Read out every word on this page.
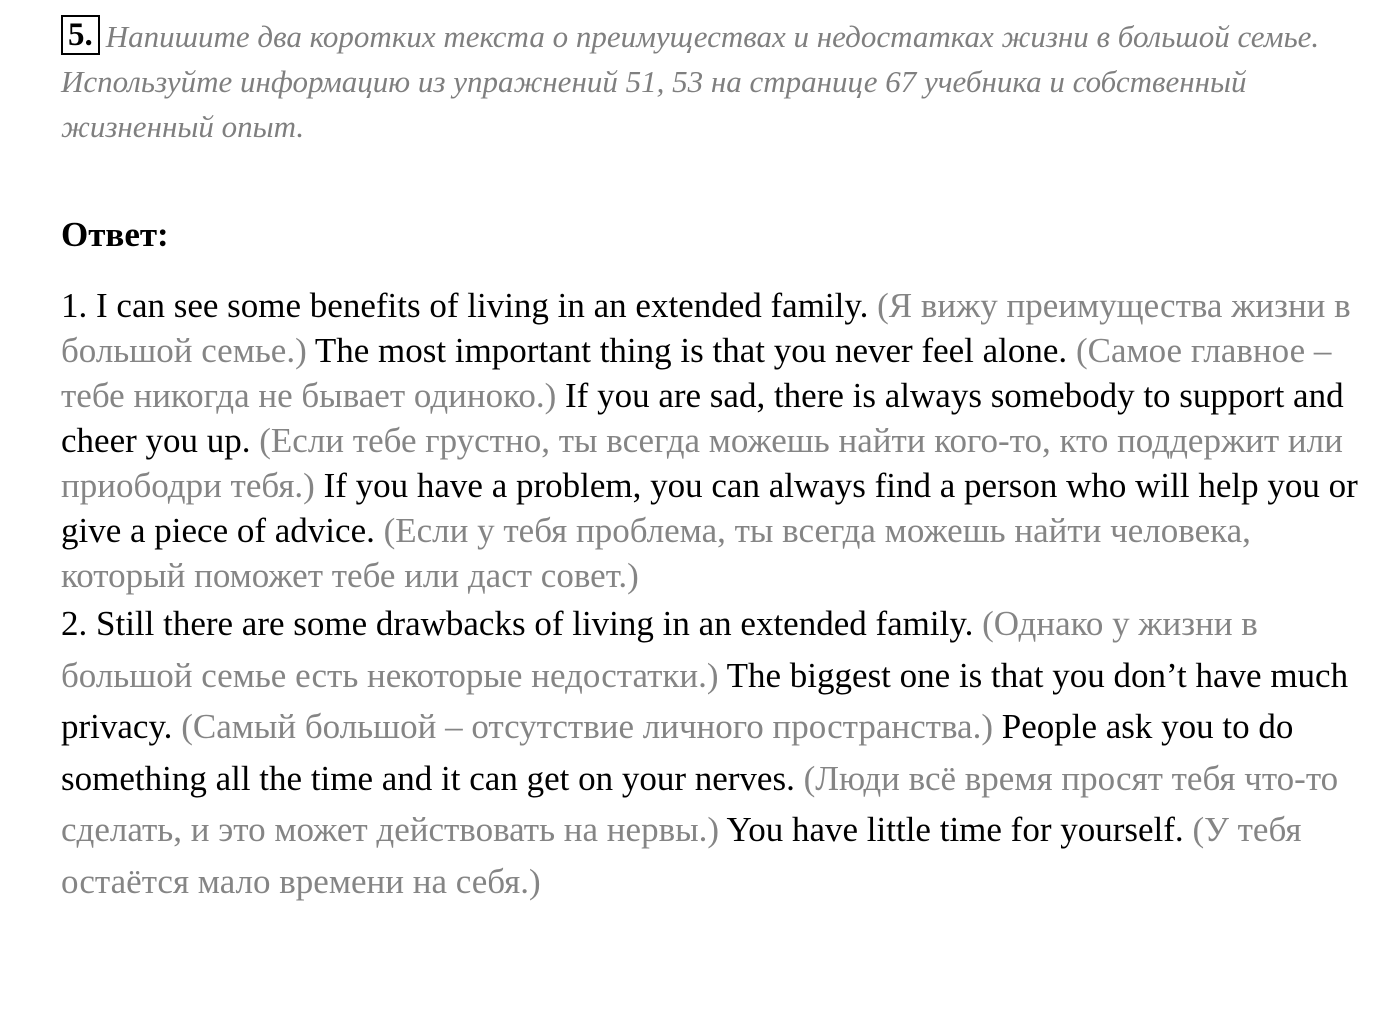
5. Напишите два коротких текста о преимуществах и недостатках жизни в большой семье. Используйте информацию из упражнений 51, 53 на странице 67 учебника и собственный жизненный опыт.
Ответ:
1. I can see some benefits of living in an extended family. (Я вижу преимущества жизни в большой семье.) The most important thing is that you never feel alone. (Самое главное – тебе никогда не бывает одиноко.) If you are sad, there is always somebody to support and cheer you up. (Если тебе грустно, ты всегда можешь найти кого-то, кто поддержит или приободри тебя.) If you have a problem, you can always find a person who will help you or give a piece of advice. (Если у тебя проблема, ты всегда можешь найти человека, который поможет тебе или даст совет.)
2. Still there are some drawbacks of living in an extended family. (Однако у жизни в большой семье есть некоторые недостатки.) The biggest one is that you don’t have much privacy. (Самый большой – отсутствие личного пространства.) People ask you to do something all the time and it can get on your nerves. (Люди всё время просят тебя что-то сделать, и это может действовать на нервы.) You have little time for yourself. (У тебя остаётся мало времени на себя.)
